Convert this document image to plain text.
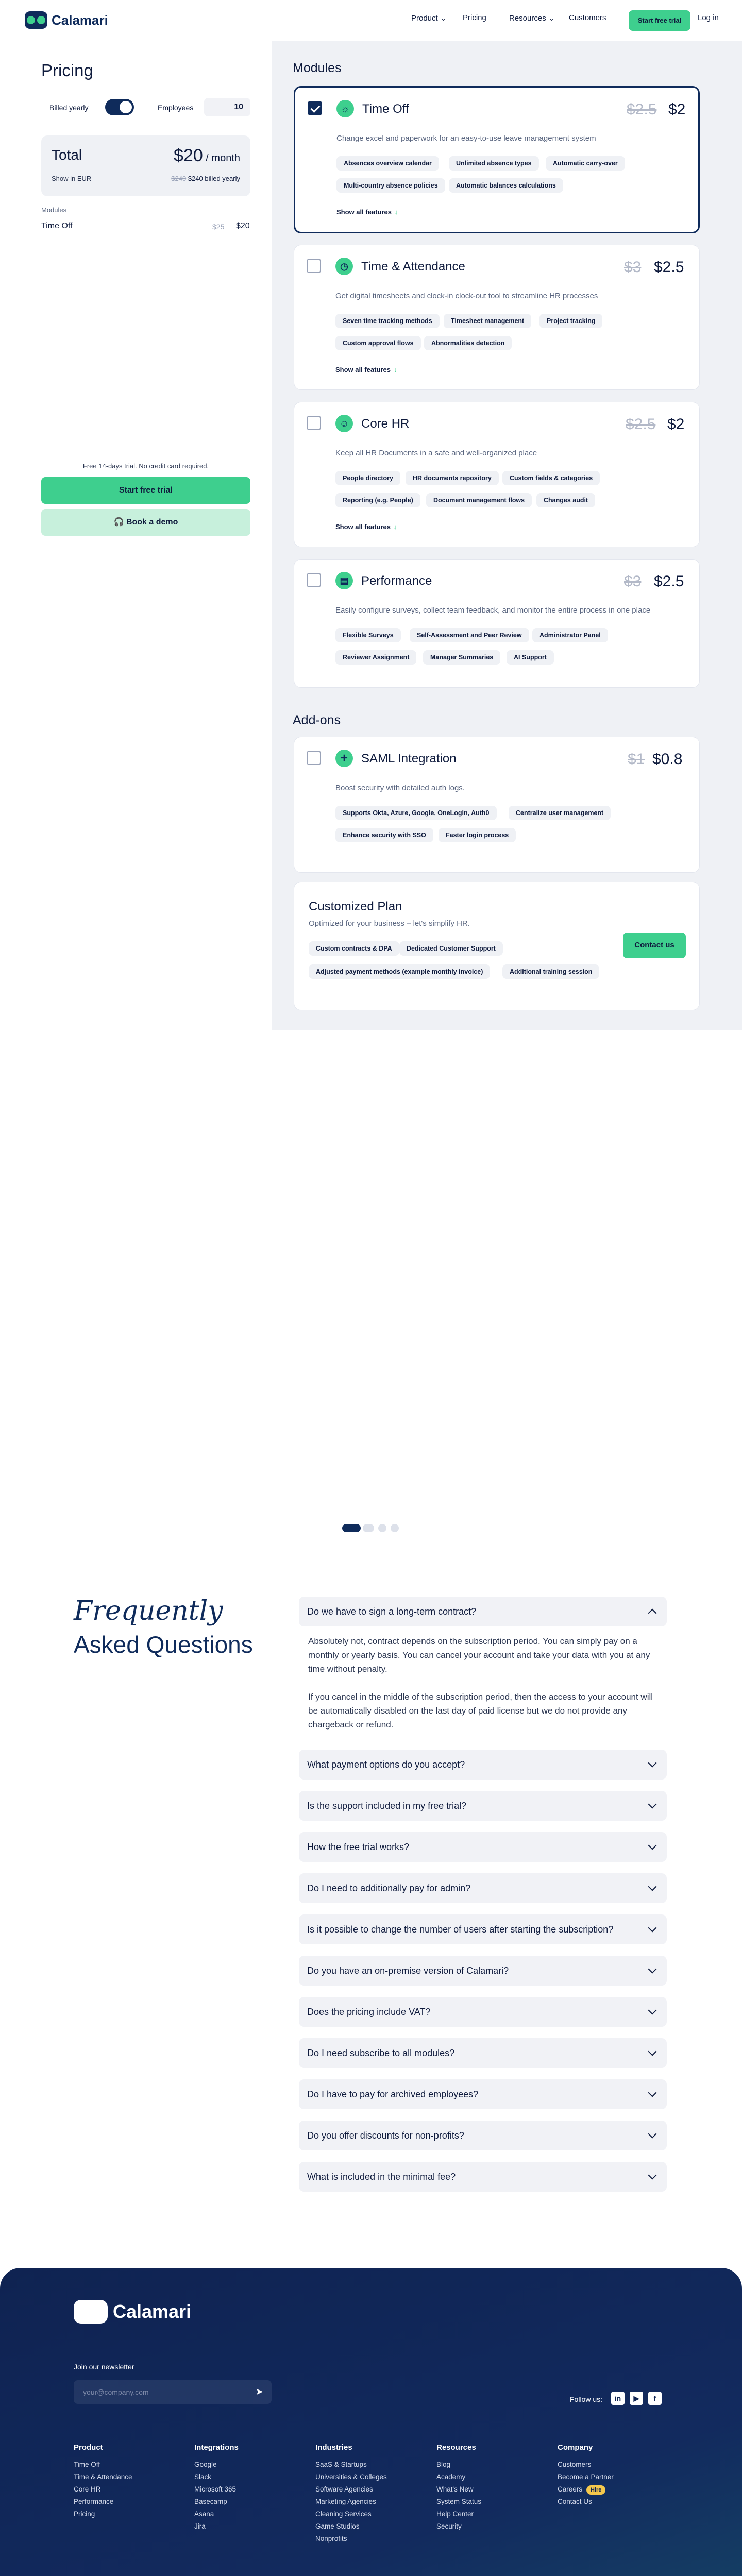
Calamari	Product ⌄ Pricing	Resources ⌄ Customers	Start free trial	Log in
Pricing
Billed yearly	Employees	10
Total	$20 / month
Show in EUR	$240 $240 billed yearly
Modules
Time Off	$25 $20
Free 14-days trial. No credit card required.
Start free trial
🎧 Book a demo
Modules
☼	Time Off	$2.5 $2
Change excel and paperwork for an easy-to-use leave management system
Absences overview calendar	Unlimited absence types	Automatic carry-over
Multi-country absence policies	Automatic balances calculations
Show all features ↓
◷	Time & Attendance	$3 $2.5
Get digital timesheets and clock-in clock-out tool to streamline HR processes
Seven time tracking methods	Timesheet management	Project tracking
Custom approval flows	Abnormalities detection
Show all features ↓
☺ Core HR	$2.5 $2
Keep all HR Documents in a safe and well-organized place
People directory	HR documents repository	Custom fields & categories
Reporting (e.g. People)	Document management flows	Changes audit
Show all features ↓
▤	Performance	$3 $2.5
Easily configure surveys, collect team feedback, and monitor the entire process in one place
Flexible Surveys	Self-Assessment and Peer Review	Administrator Panel
Reviewer Assignment	Manager Summaries	AI Support
Add-ons
+	SAML Integration	$1 $0.8
Boost security with detailed auth logs.
Supports Okta, Azure, Google, OneLogin, Auth0	Centralize user management
Enhance security with SSO	Faster login process
Customized Plan
Optimized for your business – let's simplify HR.
Custom contracts & DPA	Dedicated Customer Support
Adjusted payment methods (example monthly invoice)	Additional training session
Contact us
Frequently
Asked Questions
Do we have to sign a long-term contract?
Absolutely not, contract depends on the subscription period. You can simply pay on a monthly or yearly basis. You can cancel your account and take your data with you at any time without penalty.
If you cancel in the middle of the subscription period, then the access to your account will be automatically disabled on the last day of paid license but we do not provide any chargeback or refund.
What payment options do you accept?
Is the support included in my free trial?
How the free trial works?
Do I need to additionally pay for admin?
Is it possible to change the number of users after starting the subscription?
Do you have an on-premise version of Calamari?
Does the pricing include VAT?
Do I need subscribe to all modules?
Do I have to pay for archived employees?
Do you offer discounts for non-profits?
What is included in the minimal fee?
Calamari
Join our newsletter
your@company.com	➤
Follow us:	in	▶	f
Product
Time Off
Time & Attendance
Core HR
Performance
Pricing
Integrations
Google
Slack
Microsoft 365
Basecamp
Asana
Jira
Industries
SaaS & Startups
Universities & Colleges
Software Agencies
Marketing Agencies
Cleaning Services
Game Studios
Nonprofits
Resources
Blog
Academy
What's New
System Status
Help Center
Security
Company
Customers
Become a Partner
Careers
Contact Us
Hire
